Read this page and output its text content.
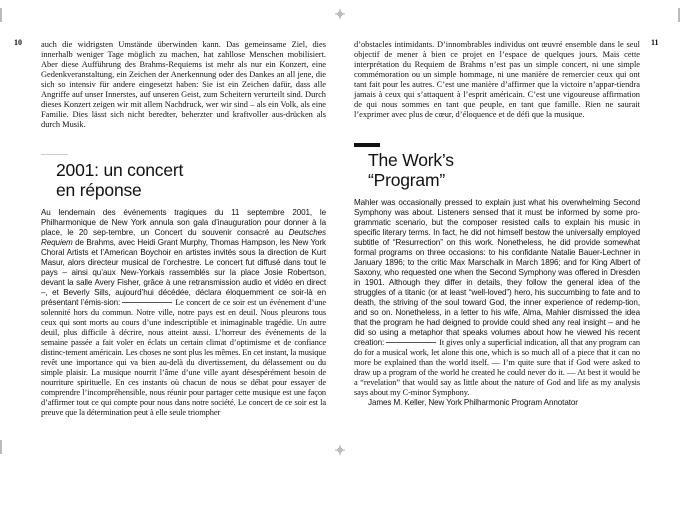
10 auch die widrigsten Umstände überwinden kann. Das gemeinsame Ziel, dies innerhalb weniger Tage möglich zu machen, hat zahllose Menschen mobilisiert. Aber diese Aufführung des Brahms-Requiems ist mehr als nur ein Konzert, eine Gedenkveranstaltung, ein Zeichen der Anerkennung oder des Dankes an all jene, die sich so intensiv für andere eingesetzt haben: Sie ist ein Zeichen dafür, dass alle Angriffe auf unser Innerstes, auf unseren Geist, zum Scheitern verurteilt sind. Durch dieses Konzert zeigen wir mit allem Nachdruck, wer wir sind – als ein Volk, als eine Familie. Dies lässt sich nicht beredter, beherzter und kraftvoller aus-drücken als durch Musik.

2001: un concert
en réponse

Au lendemain des événements tragiques du 11 septembre 2001, le Philharmonique de New York annula son gala d’inauguration pour donner à la place, le 20 sep-tembre, un Concert du souvenir consacré au Deutsches Requiem de Brahms, avec Heidi Grant Murphy, Thomas Hampson, les New York Choral Artists et l’American Boychoir en artistes invités sous la direction de Kurt Masur, alors directeur musical de l’orchestre. Le concert fut diffusé dans tout le pays – ainsi qu’aux New-Yorkais rassemblés sur la place Josie Robertson, devant la salle Avery Fisher, grâce à une retransmission audio et vidéo en direct –, et Beverly Sills, aujourd’hui décédée, déclara éloquemment ce soir-là en présentant l’émis-sion:	Le concert de ce soir est un événement d’une solennité hors du commun. Notre ville, notre pays est en deuil. Nous pleurons tous ceux qui sont morts au cours d’une indescriptible et inimaginable tragédie. Un autre deuil, plus difficile à décrire, nous atteint aussi. L’horreur des événements de la semaine passée a fait voler en éclats un certain climat d’optimisme et de confiance distinc-tement américain. Les choses ne sont plus les mêmes. En cet instant, la musique revêt une importance qui va bien au-delà du divertissement, du délassement ou du simple plaisir. La musique nourrit l’âme d’une ville ayant désespérément besoin de nourriture spirituelle. En ces instants où chacun de nous se débat pour essayer de comprendre l’incompréhensible, nous réunir pour partager cette musique est une façon d’affirmer tout ce qui compte pour nous dans notre société. Le concert de ce soir est la preuve que la détermination peut à elle seule triompher

11

d’obstacles intimidants. D’innombrables individus ont œuvré ensemble dans le seul objectif de mener à bien ce projet en l’espace de quelques jours. Mais cette interprétation du Requiem de Brahms n’est pas un simple concert, ni une simple commémoration ou un simple hommage, ni une manière de remercier ceux qui ont tant fait pour les autres. C’est une manière d’affirmer que la victoire n’appar-tiendra jamais à ceux qui s’attaquent à l’esprit américain. C’est une vigoureuse affirmation de qui nous sommes en tant que peuple, en tant que famille. Rien ne saurait l’exprimer avec plus de cœur, d’éloquence et de défi que la musique.

The Work’s
“Program”

Mahler was occasionally pressed to explain just what his overwhelming Second Symphony was about. Listeners sensed that it must be informed by some pro-grammatic scenario, but the composer resisted calls to explain his music in specific literary terms. In fact, he did not himself bestow the universally employed subtitle of “Resurrection” on this work. Nonetheless, he did provide somewhat formal programs on three occasions: to his confidante Natalie Bauer-Lechner in January 1896; to the critic Max Marschalk in March 1896; and for King Albert of Saxony, who requested one when the Second Symphony was offered in Dresden in 1901. Although they differ in details, they follow the general idea of the struggles of a titanic (or at least “well-loved”) hero, his succumbing to fate and to death, the striving of the soul toward God, the inner experience of redemp-tion, and so on. Nonetheless, in a letter to his wife, Alma, Mahler dismissed the idea that the program he had deigned to provide could shed any real insight – and he did so using a metaphor that speaks volumes about how he viewed his recent creation:	It gives only a superficial indication, all that any program can do for a musical work, let alone this one, which is so much all of a piece that it can no more be explained than the world itself. — I’m quite sure that if God were asked to draw up a program of the world he created he could never do it. — At best it would be a “revelation” that would say as little about the nature of God and life as my analysis says about my C-minor Symphony.

James M. Keller, New York Philharmonic Program Annotator
